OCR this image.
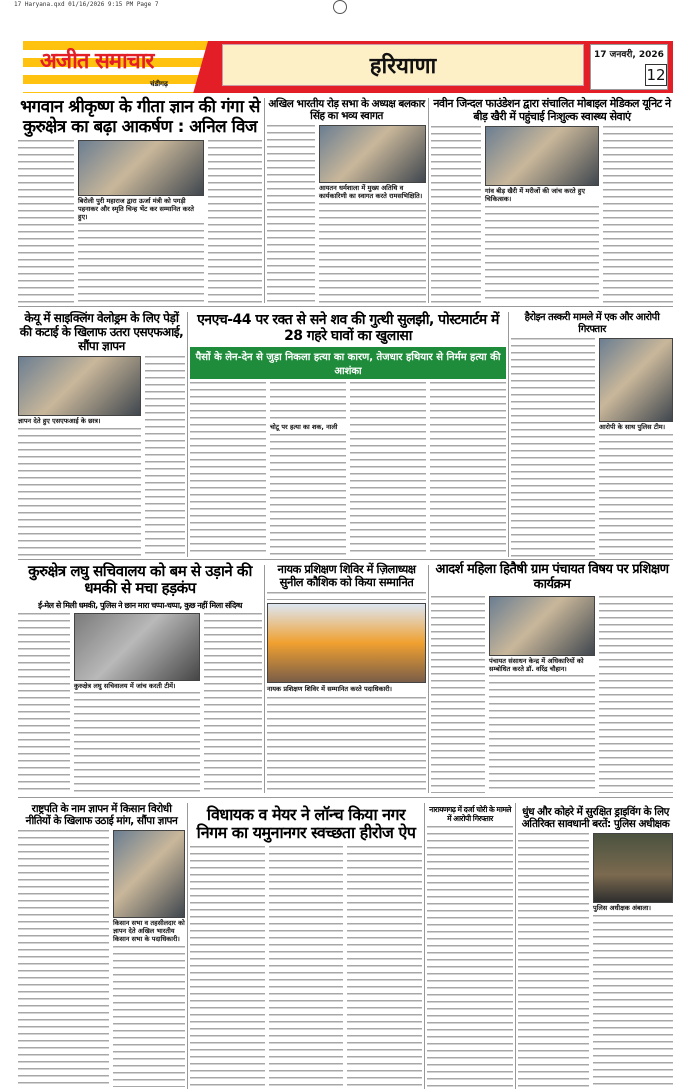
17 Haryana.qxd 01/16/2026 9:15 PM Page 7
अजीत समाचार
चंडीगढ़
हरियाणा	17 जनवरी, 2026
12
भगवान श्रीकृष्ण के गीता ज्ञान की गंगा से कुरुक्षेत्र का बढ़ा आकर्षण : अनिल विज
बिरोली पुरी महाराज द्वारा ऊर्जा मंत्री को पगड़ी पहनाकर और स्मृति चिन्ह भेंट कर सम्मानित करते हुए।
अखिल भारतीय रोड़ सभा के अध्यक्ष बलकार सिंह का भव्य स्वागत
आयतन धर्मशाला में मुख्य अतिथि व कार्यकारिणी का स्वागत करते रामसभिक्षिति।
नवीन जिन्दल फाउंडेशन द्वारा संचालित मोबाइल मेडिकल यूनिट ने बीड़ खैरी में पहुंचाई निःशुल्क स्वास्थ्य सेवाएं
गांव बीड़ खैरी में मरीजों की जांच करते हुए चिकित्सक।
केयू में साइक्लिंग वेलोड्रम के लिए पेड़ों की कटाई के खिलाफ उतरा एसएफआई, सौंपा ज्ञापन
ज्ञापन देते हुए एसएफआई के छात्र।
एनएच-44 पर रक्त से सने शव की गुत्थी सुलझी, पोस्टमार्टम में 28 गहरे घावों का खुलासा
पैसों के लेन-देन से जुड़ा निकला हत्या का कारण, तेजधार हथियार से निर्मम हत्या की आशंका
चोटू पर हत्या का शक, नाली
हैरोइन तस्करी मामले में एक और आरोपी गिरफ्तार
आरोपी के साथ पुलिस टीम।
कुरुक्षेत्र लघु सचिवालय को बम से उड़ाने की धमकी से मचा हड़कंप
ई-मेल से मिली धमकी, पुलिस ने छान मारा चप्पा-चप्पा, कुछ नहीं मिला संदिग्ध
कुरुक्षेत्र लघु सचिवालय में जांच करती टीमें।
नायक प्रशिक्षण शिविर में ज़िलाध्यक्ष सुनील कौशिक को किया सम्मानित
नायक प्रशिक्षण शिविर में सम्मानित करते पदाधिकारी।
आदर्श महिला हितैषी ग्राम पंचायत विषय पर प्रशिक्षण कार्यक्रम
पंचायत संसाधन केन्द्र में अधिकारियों को सम्बोधित करते डॉ. वरिंद्र चौहान।
राष्ट्रपति के नाम ज्ञापन में किसान विरोधी नीतियों के खिलाफ उठाई मांग, सौंपा ज्ञापन
किसान सभा व तहसीलदार को ज्ञापन देते अखिल भारतीय किसान सभा के पदाधिकारी।
विधायक व मेयर ने लॉन्च किया नगर निगम का यमुनानगर स्वच्छता हीरोज ऐप
नारायणगढ़ में दर्जा चोरी के मामले में आरोपी गिरफ्तार
धुंध और कोहरे में सुरक्षित ड्राइविंग के लिए अतिरिक्त सावधानी बरतें: पुलिस अधीक्षक
पुलिस अधीक्षक अंबाला।
